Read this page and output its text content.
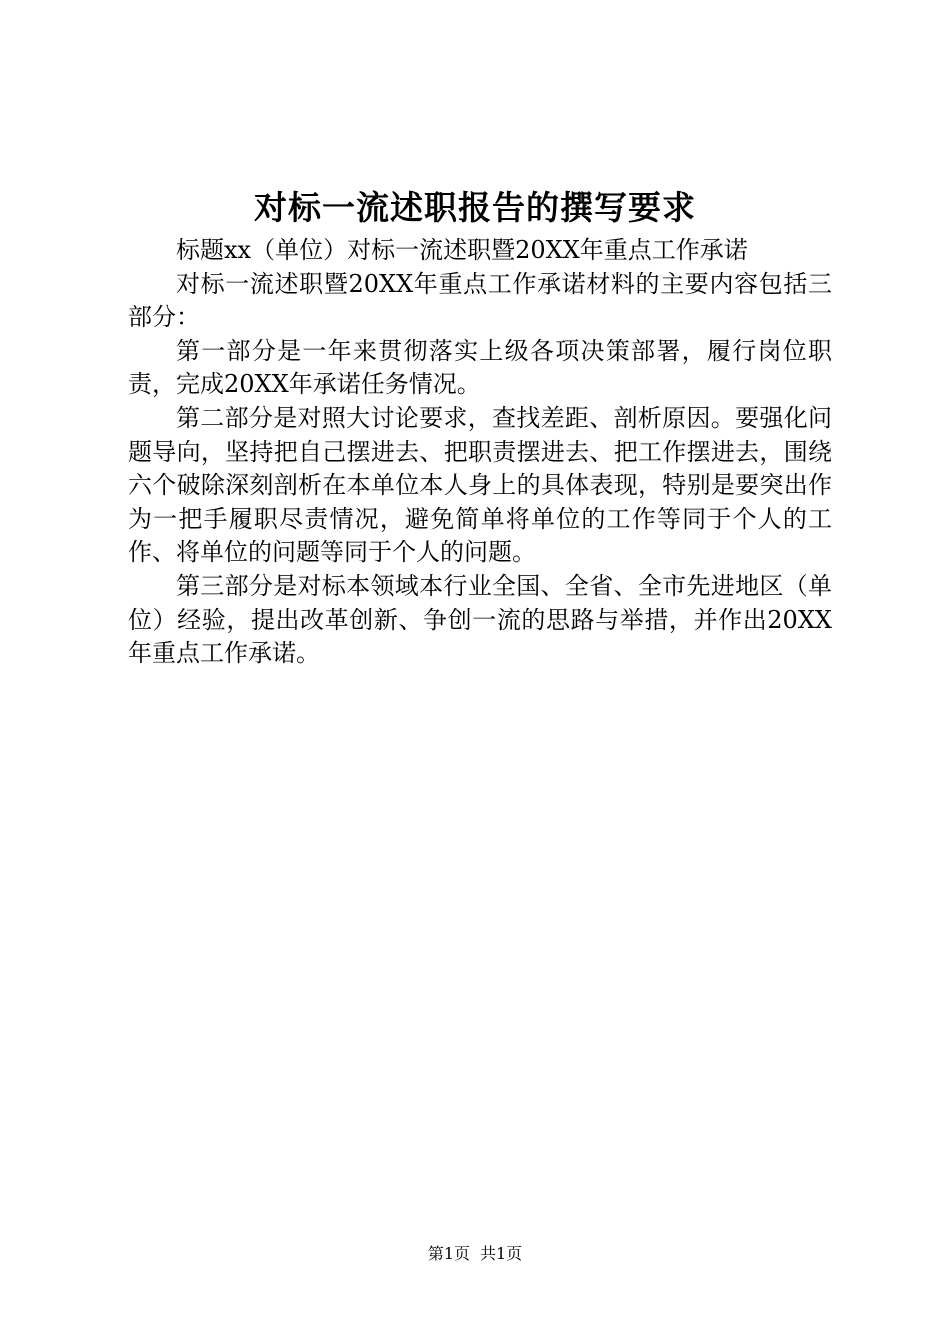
对标一流述职报告的撰写要求

标题xx（单位）对标一流述职暨20XX年重点工作承诺

对标一流述职暨20XX年重点工作承诺材料的主要内容包括三部分：

第一部分是一年来贯彻落实上级各项决策部署，履行岗位职责，完成20XX年承诺任务情况。

第二部分是对照大讨论要求，查找差距、剖析原因。要强化问题导向，坚持把自己摆进去、把职责摆进去、把工作摆进去，围绕六个破除深刻剖析在本单位本人身上的具体表现，特别是要突出作为一把手履职尽责情况，避免简单将单位的工作等同于个人的工作、将单位的问题等同于个人的问题。

第三部分是对标本领域本行业全国、全省、全市先进地区（单位）经验，提出改革创新、争创一流的思路与举措，并作出20XX年重点工作承诺。

第1页 共1页
